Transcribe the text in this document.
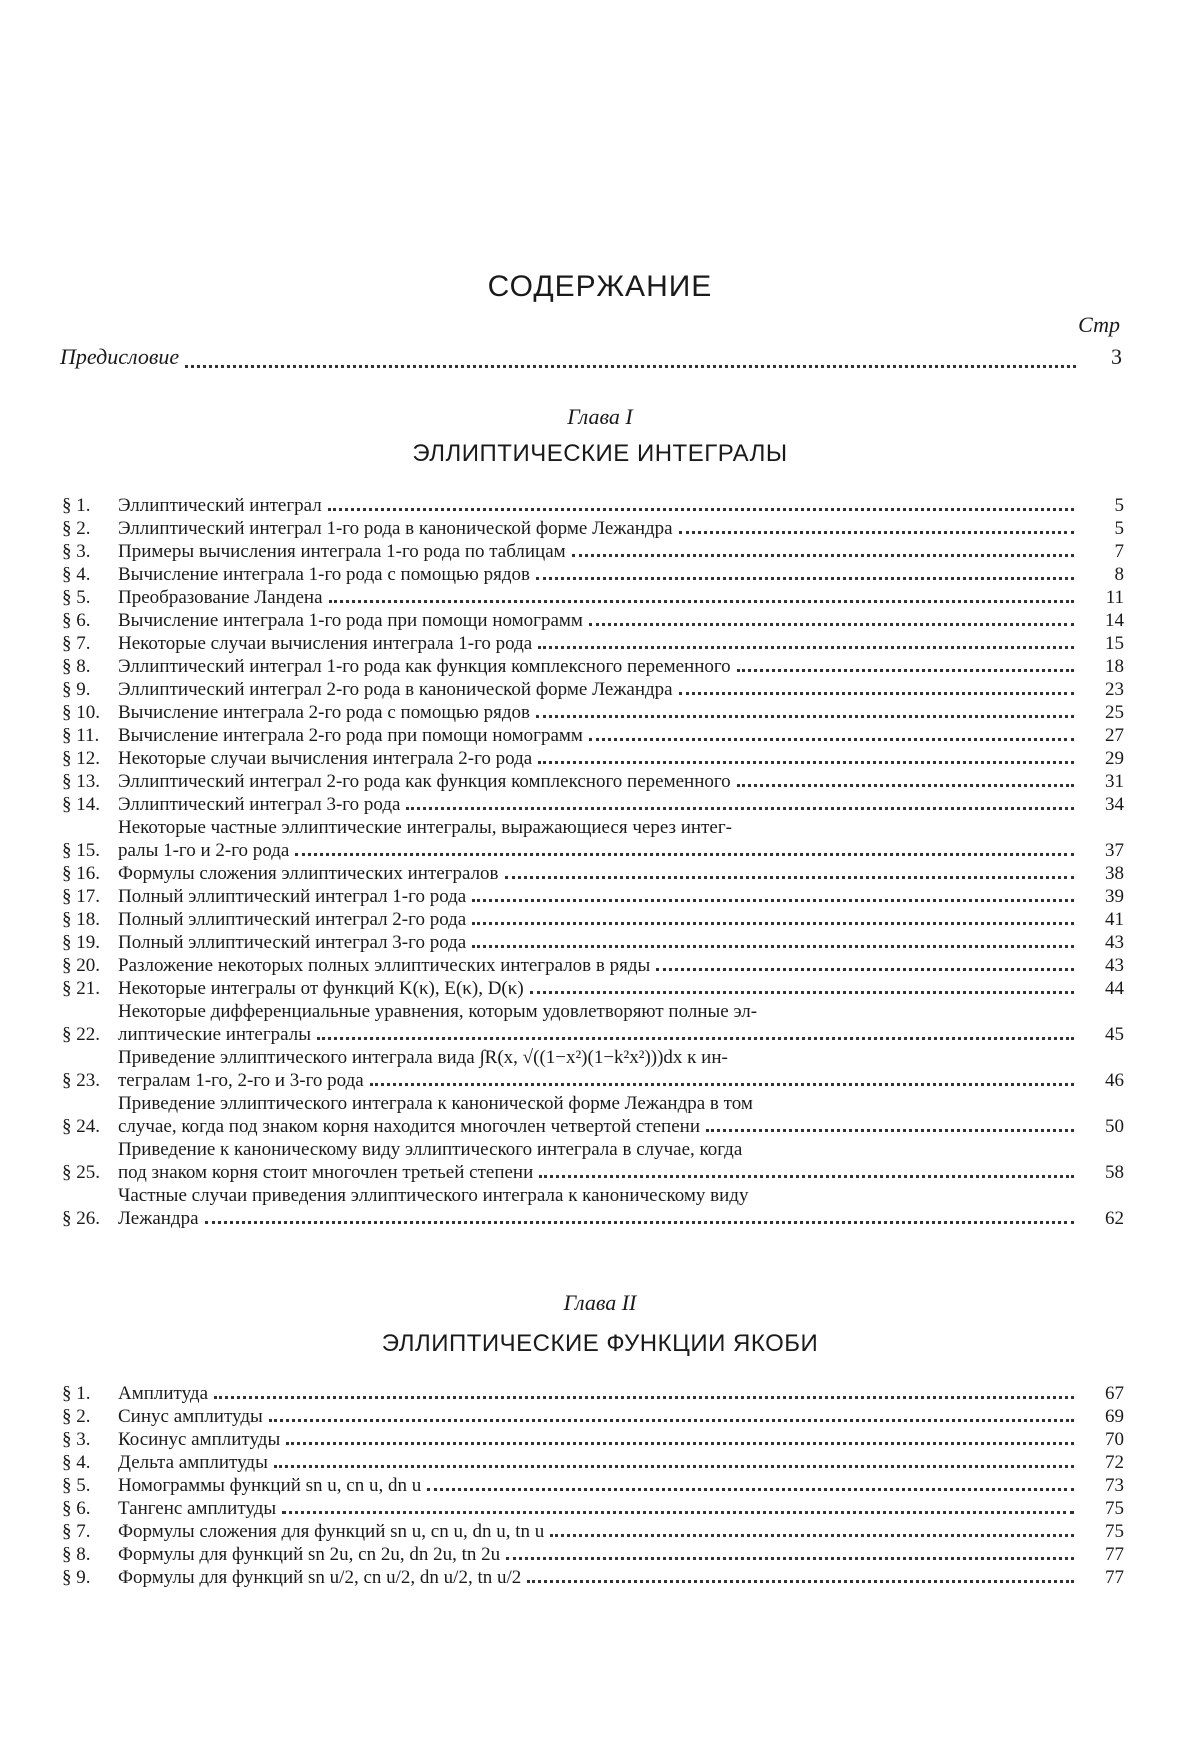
СОДЕРЖАНИЕ
Стр
Предисловие	3
Глава I
ЭЛЛИПТИЧЕСКИЕ ИНТЕГРАЛЫ
§ 1.	Эллиптический интеграл	5
§ 2.	Эллиптический интеграл 1-го рода в канонической форме Лежандра	5
§ 3.	Примеры вычисления интеграла 1-го рода по таблицам	7
§ 4.	Вычисление интеграла 1-го рода с помощью рядов	8
§ 5.	Преобразование Ландена	11
§ 6.	Вычисление интеграла 1-го рода при помощи номограмм	14
§ 7.	Некоторые случаи вычисления интеграла 1-го рода	15
§ 8.	Эллиптический интеграл 1-го рода как функция комплексного переменного	18
§ 9.	Эллиптический интеграл 2-го рода в канонической форме Лежандра	23
§ 10. Вычисление интеграла 2-го рода с помощью рядов	25
§ 11. Вычисление интеграла 2-го рода при помощи номограмм	27
§ 12. Некоторые случаи вычисления интеграла 2-го рода	29
§ 13. Эллиптический интеграл 2-го рода как функция комплексного переменного	31
§ 14. Эллиптический интеграл 3-го рода	34
§ 15.
Некоторые частные эллиптические интегралы, выражающиеся через интег-
ралы 1-го и 2-го рода	37
§ 16. Формулы сложения эллиптических интегралов	38
§ 17. Полный эллиптический интеграл 1-го рода	39
§ 18. Полный эллиптический интеграл 2-го рода	41
§ 19. Полный эллиптический интеграл 3-го рода	43
§ 20. Разложение некоторых полных эллиптических интегралов в ряды	43
§ 21. Некоторые интегралы от функций K(κ), E(κ), D(κ)	44
§ 22.
Некоторые дифференциальные уравнения, которым удовлетворяют полные эл-
липтические интегралы	45
§ 23.
Приведение эллиптического интеграла вида ∫R(x, √((1−x²)(1−k²x²)))dx к ин-
тегралам 1-го, 2-го и 3-го рода	46
§ 24.
Приведение эллиптического интеграла к канонической форме Лежандра в том
случае, когда под знаком корня находится многочлен четвертой степени	50
§ 25.
Приведение к каноническому виду эллиптического интеграла в случае, когда
под знаком корня стоит многочлен третьей степени	58
§ 26.
Частные случаи приведения эллиптического интеграла к каноническому виду
Лежандра	62
Глава II
ЭЛЛИПТИЧЕСКИЕ ФУНКЦИИ ЯКОБИ
§ 1.	Амплитуда	67
§ 2.	Синус амплитуды	69
§ 3.	Косинус амплитуды	70
§ 4.	Дельта амплитуды	72
§ 5.	Номограммы функций sn u, cn u, dn u	73
§ 6.	Тангенс амплитуды	75
§ 7.	Формулы сложения для функций sn u, cn u, dn u, tn u	75
§ 8.	Формулы для функций sn 2u, cn 2u, dn 2u, tn 2u	77
§ 9.	Формулы для функций sn u/2, cn u/2, dn u/2, tn u/2	77
